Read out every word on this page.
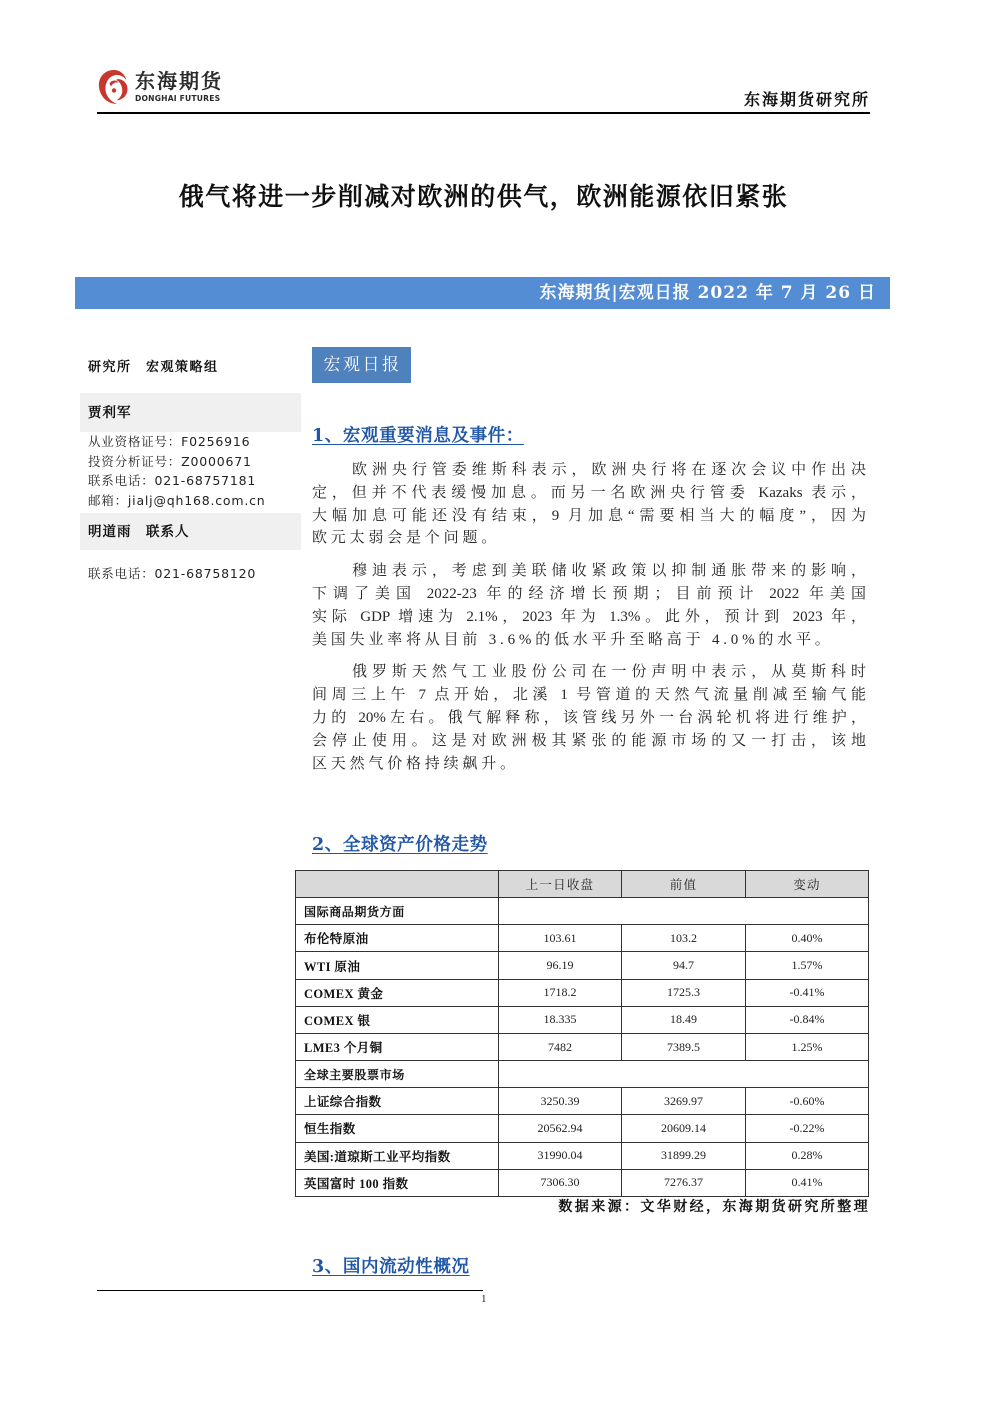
东海期货
DONGHAI FUTURES	东海期货研究所
俄气将进一步削减对欧洲的供气，欧洲能源依旧紧张
东海期货|宏观日报 2022 年 7 月 26 日
研究所　宏观策略组
贾利军
从业资格证号：F0256916
投资分析证号：Z0000671
联系电话：021-68757181
邮箱：jialj@qh168.com.cn
明道雨　联系人
联系电话：021-68758120
宏观日报
1、宏观重要消息及事件：
欧洲央行管委维斯科表示，欧洲央行将在逐次会议中作出决
定，但并不代表缓慢加息。而另一名欧洲央行管委 Kazaks 表示，
大幅加息可能还没有结束，9 月加息“需要相当大的幅度”，因为
欧元太弱会是个问题。
穆迪表示，考虑到美联储收紧政策以抑制通胀带来的影响，
下调了美国 2022-23 年的经济增长预期；目前预计 2022 年美国
实际 GDP 增速为 2.1%，2023 年为 1.3%。此外，预计到 2023 年，
美国失业率将从目前 3.6%的低水平升至略高于 4.0%的水平。
俄罗斯天然气工业股份公司在一份声明中表示，从莫斯科时
间周三上午 7 点开始，北溪 1 号管道的天然气流量削减至输气能
力的 20%左右。俄气解释称，该管线另外一台涡轮机将进行维护，
会停止使用。这是对欧洲极其紧张的能源市场的又一打击，该地
区天然气价格持续飙升。
2、全球资产价格走势
	上一日收盘	前值	变动
国际商品期货方面			
布伦特原油	103.61	103.2	0.40%
WTI 原油	96.19	94.7	1.57%
COMEX 黄金	1718.2	1725.3	-0.41%
COMEX 银	18.335	18.49	-0.84%
LME3 个月铜	7482	7389.5	1.25%
全球主要股票市场			
上证综合指数	3250.39	3269.97	-0.60%
恒生指数	20562.94	20609.14	-0.22%
美国:道琼斯工业平均指数	31990.04	31899.29	0.28%
英国富时 100 指数	7306.30	7276.37	0.41%
数据来源：文华财经，东海期货研究所整理
3、国内流动性概况
1
